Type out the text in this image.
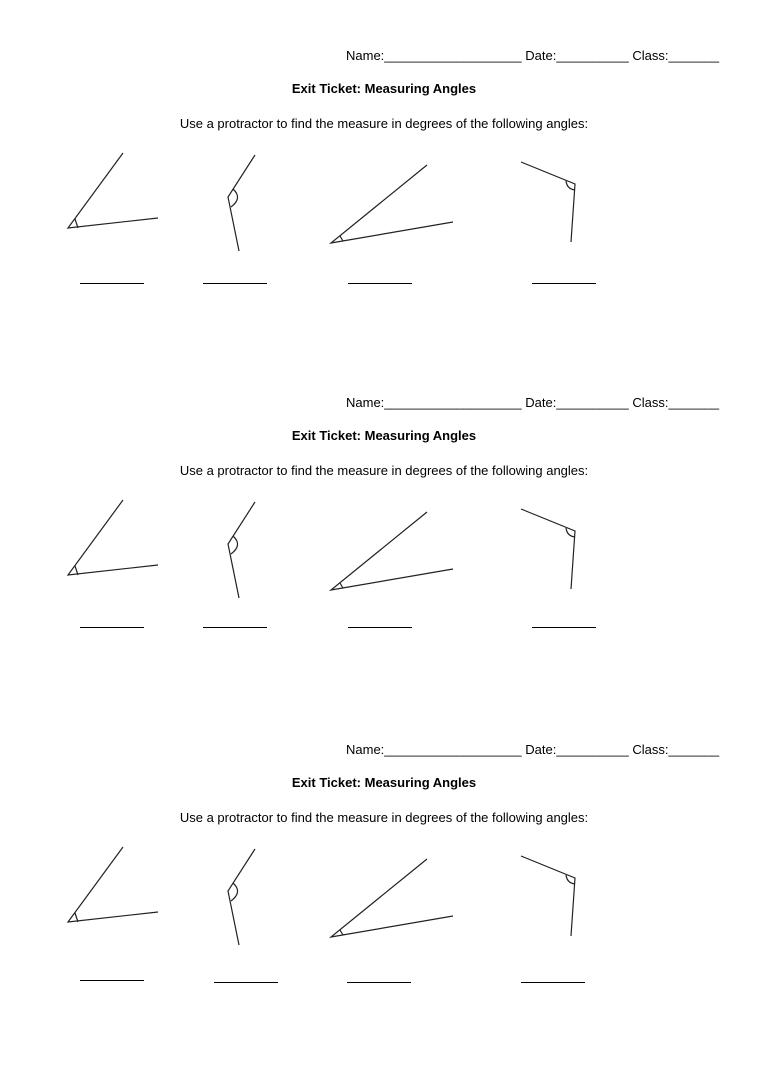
Name:___________________ Date:__________ Class:_______
Exit Ticket: Measuring Angles
Use a protractor to find the measure in degrees of the following angles:
Name:___________________ Date:__________ Class:_______
Exit Ticket: Measuring Angles
Use a protractor to find the measure in degrees of the following angles:
Name:___________________ Date:__________ Class:_______
Exit Ticket: Measuring Angles
Use a protractor to find the measure in degrees of the following angles:
